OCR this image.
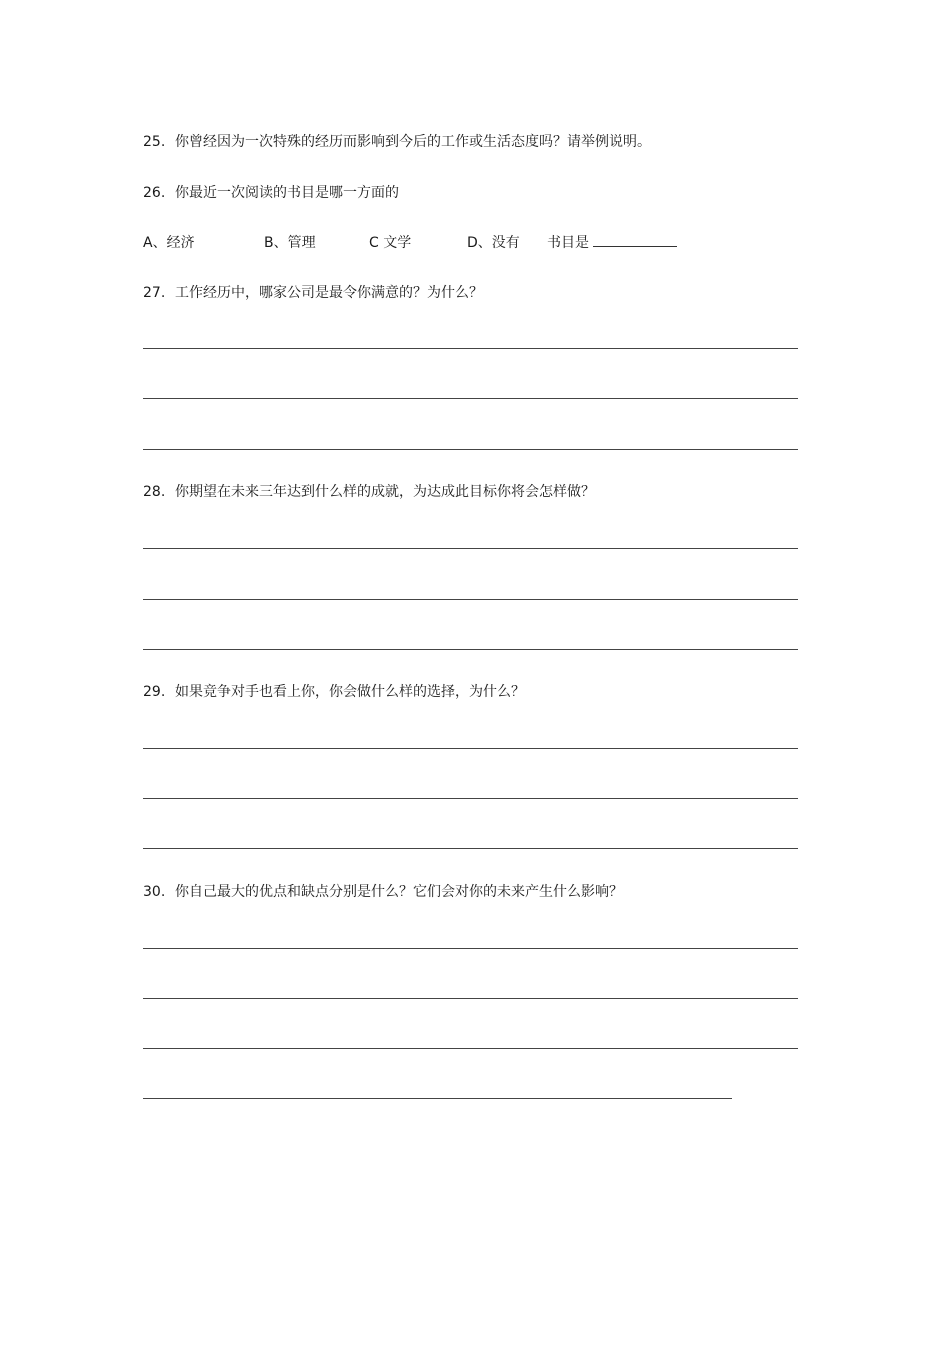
25. 你曾经因为一次特殊的经历而影响到今后的工作或生活态度吗？请举例说明。
26. 你最近一次阅读的书目是哪一方面的
A、经济	B、管理	C 文学	D、没有 书目是
27. 工作经历中，哪家公司是最令你满意的？为什么？
28. 你期望在未来三年达到什么样的成就，为达成此目标你将会怎样做？
29. 如果竞争对手也看上你，你会做什么样的选择，为什么？
30. 你自己最大的优点和缺点分别是什么？它们会对你的未来产生什么影响？
